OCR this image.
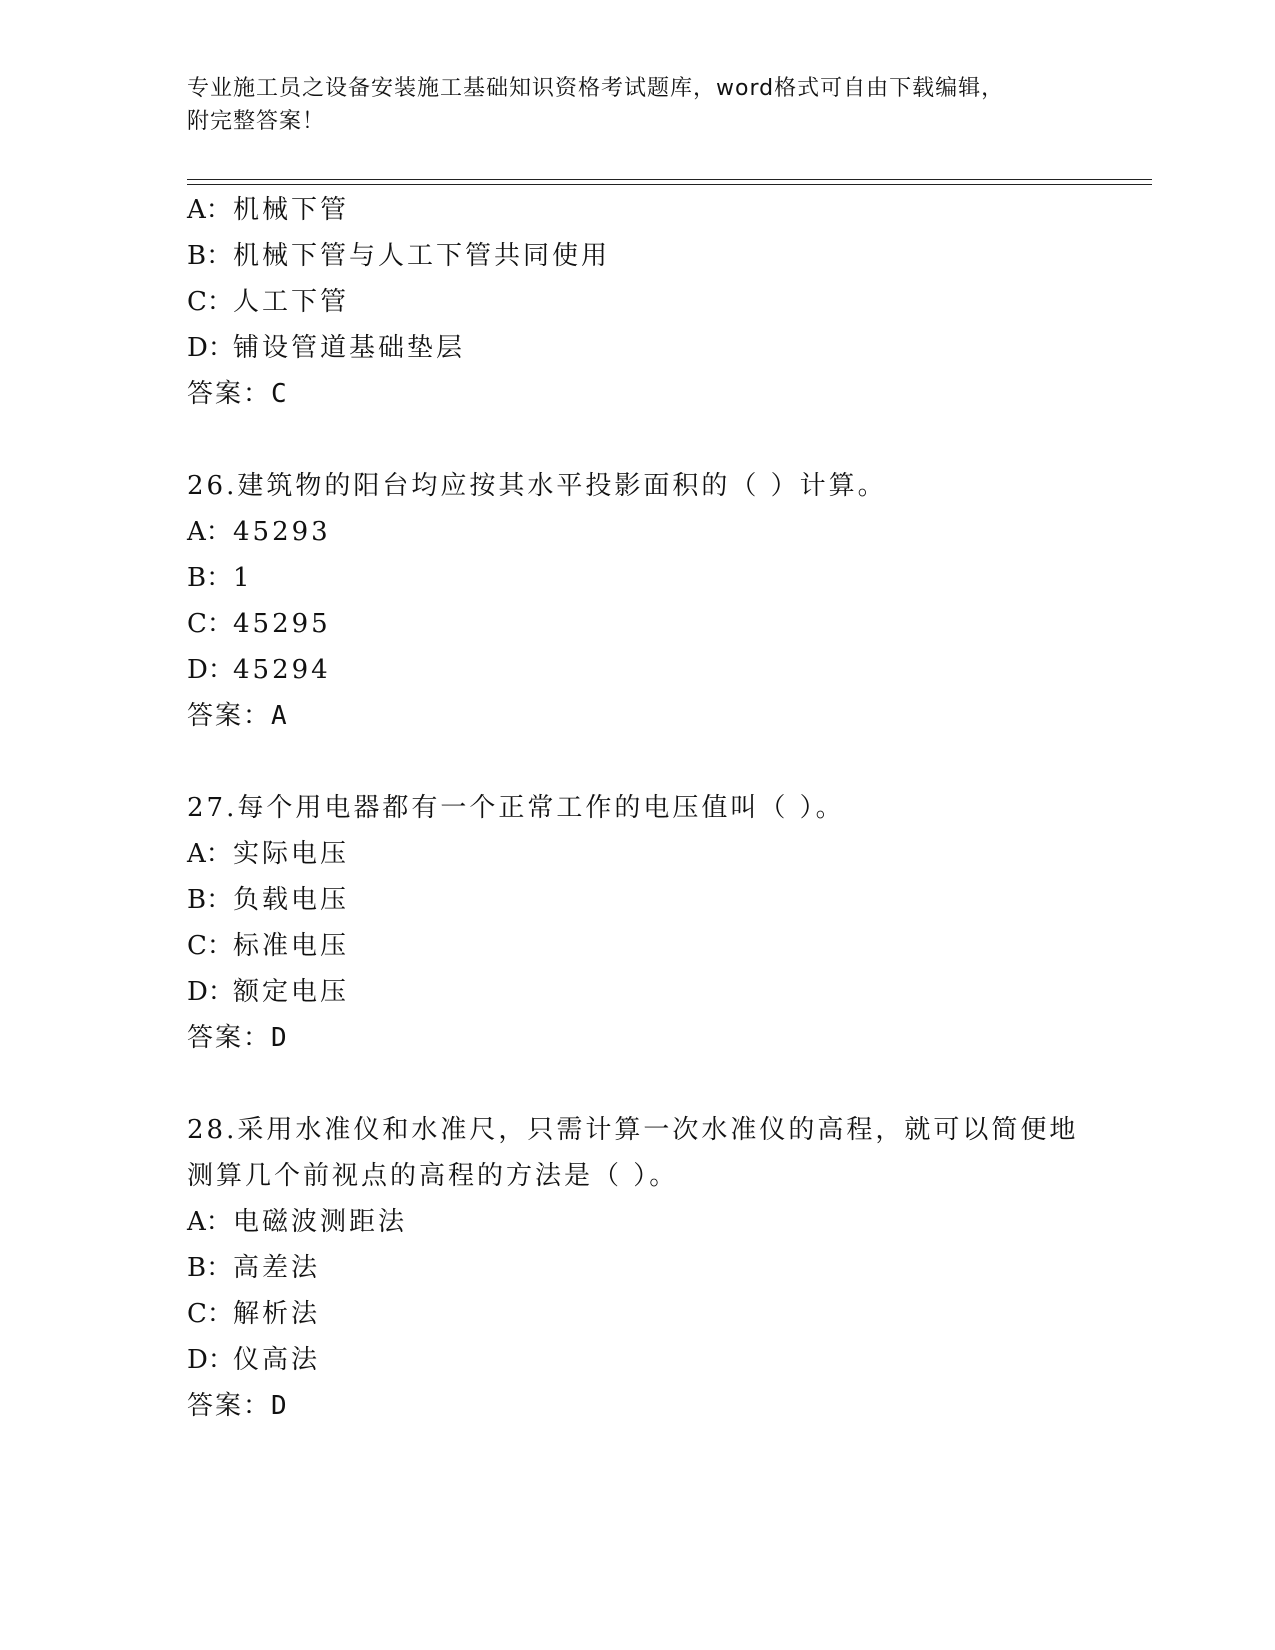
专业施工员之设备安装施工基础知识资格考试题库，word格式可自由下载编辑，
附完整答案！
A：机械下管
B：机械下管与人工下管共同使用
C：人工下管
D：铺设管道基础垫层
答案：C
26.建筑物的阳台均应按其水平投影面积的（ ）计算。
A：45293
B：1
C：45295
D：45294
答案：A
27.每个用电器都有一个正常工作的电压值叫（ ）。
A：实际电压
B：负载电压
C：标准电压
D：额定电压
答案：D
28.采用水准仪和水准尺，只需计算一次水准仪的高程，就可以简便地
测算几个前视点的高程的方法是（ ）。
A：电磁波测距法
B：高差法
C：解析法
D：仪高法
答案：D
